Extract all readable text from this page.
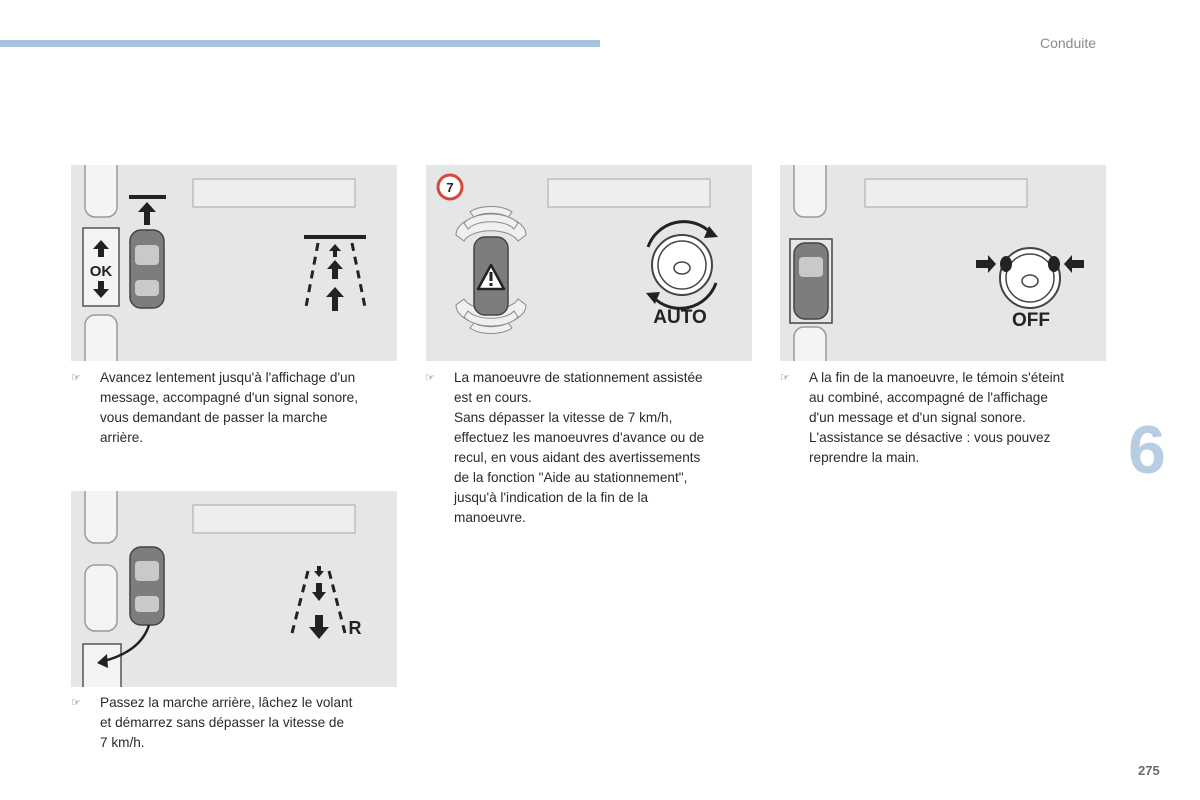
Conduite
OK
7
AUTO	OFF
R
☞ Avancez lentement jusqu'à l'affichage d'un
message, accompagné d'un signal sonore,
vous demandant de passer la marche
arrière.
☞ La manoeuvre de stationnement assistée
est en cours.
Sans dépasser la vitesse de 7 km/h,
effectuez les manoeuvres d'avance ou de
recul, en vous aidant des avertissements
de la fonction "Aide au stationnement",
jusqu'à l'indication de la fin de la
manoeuvre.
☞ A la fin de la manoeuvre, le témoin s'éteint
au combiné, accompagné de l'affichage
d'un message et d'un signal sonore.
L'assistance se désactive : vous pouvez
reprendre la main.
☞ Passez la marche arrière, lâchez le volant
et démarrez sans dépasser la vitesse de
7 km/h.
6
275
